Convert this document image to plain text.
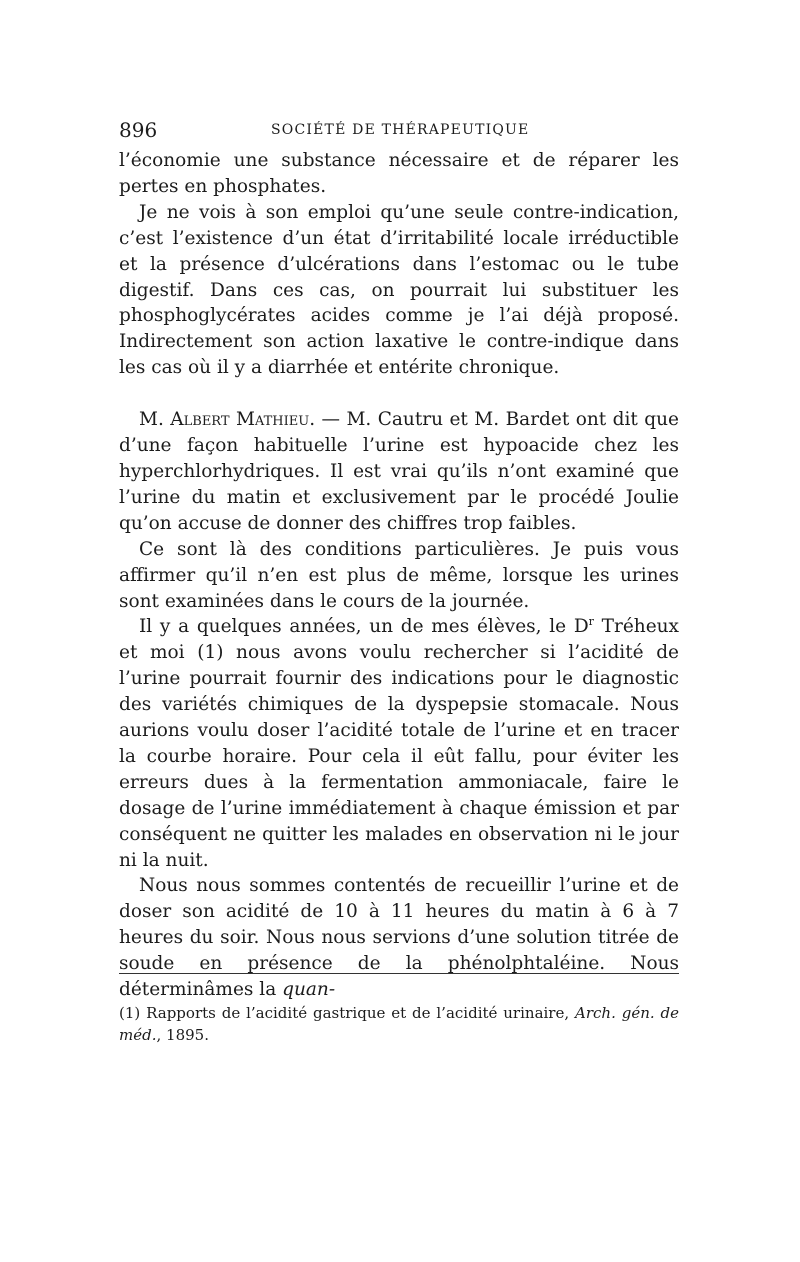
896	SOCIÉTÉ DE THÉRAPEUTIQUE

l’économie une substance nécessaire et de réparer les pertes en phosphates.

Je ne vois à son emploi qu’une seule contre-indication, c’est l’existence d’un état d’irritabilité locale irréductible et la présence d’ulcérations dans l’estomac ou le tube digestif. Dans ces cas, on pourrait lui substituer les phosphoglycérates acides comme je l’ai déjà proposé. Indirectement son action laxative le contre-indique dans les cas où il y a diarrhée et entérite chronique.

M. Albert Mathieu. — M. Cautru et M. Bardet ont dit que d’une façon habituelle l’urine est hypoacide chez les hyperchlorhydriques. Il est vrai qu’ils n’ont examiné que l’urine du matin et exclusivement par le procédé Joulie qu’on accuse de donner des chiffres trop faibles.

Ce sont là des conditions particulières. Je puis vous affirmer qu’il n’en est plus de même, lorsque les urines sont examinées dans le cours de la journée.

Il y a quelques années, un de mes élèves, le $D^r$ Tréheux et moi (1) nous avons voulu rechercher si l’acidité de l’urine pourrait fournir des indications pour le diagnostic des variétés chimiques de la dyspepsie stomacale. Nous aurions voulu doser l’acidité totale de l’urine et en tracer la courbe horaire. Pour cela il eût fallu, pour éviter les erreurs dues à la fermentation ammoniacale, faire le dosage de l’urine immédiatement à chaque émission et par conséquent ne quitter les malades en observation ni le jour ni la nuit.

Nous nous sommes contentés de recueillir l’urine et de doser son acidité de 10 à 11 heures du matin à 6 à 7 heures du soir. Nous nous servions d’une solution titrée de soude en présence de la phénolphtaléine. Nous déterminâmes la quan-

(1) Rapports de l’acidité gastrique et de l’acidité urinaire, Arch. gén. de méd., 1895.
